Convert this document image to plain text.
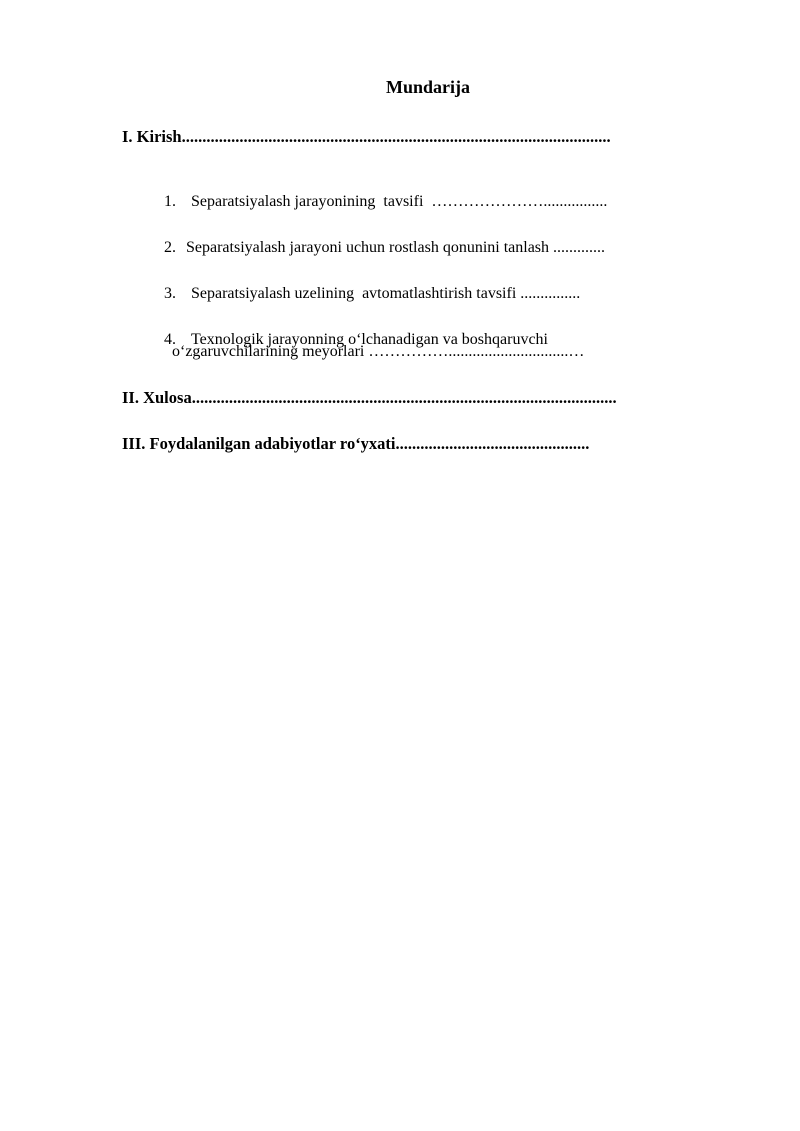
Mundarija
I. Kirish........................................................................................................

1. Separatsiyalash jarayonining  tavsifi  …………………................

2. Separatsiyalash jarayoni uchun rostlash qonunini tanlash .............

3. Separatsiyalash uzelining  avtomatlashtirish tavsifi ...............

4. Texnologik jarayonning o‘lchanadigan va boshqaruvchi

o‘zgaruvchilarining meyorlari ……………..............................…
II. Xulosa.......................................................................................................
III. Foydalanilgan adabiyotlar ro‘yxati...............................................
